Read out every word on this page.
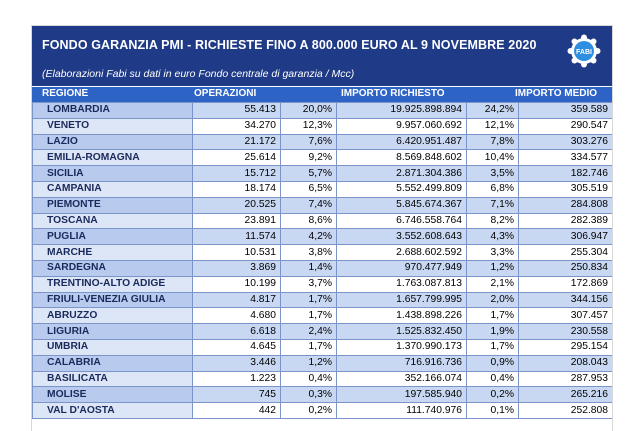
FONDO GARANZIA PMI - RICHIESTE FINO A 800.000 EURO AL 9 NOVEMBRE 2020
(Elaborazioni Fabi su dati in euro Fondo centrale di garanzia / Mcc)
FABI
REGIONE	OPERAZIONI	IMPORTO RICHIESTO	IMPORTO MEDIO
LOMBARDIA	55.413	20,0%	19.925.898.894	24,2%	359.589
VENETO	34.270	12,3%	9.957.060.692	12,1%	290.547
LAZIO	21.172	7,6%	6.420.951.487	7,8%	303.276
EMILIA-ROMAGNA	25.614	9,2%	8.569.848.602	10,4%	334.577
SICILIA	15.712	5,7%	2.871.304.386	3,5%	182.746
CAMPANIA	18.174	6,5%	5.552.499.809	6,8%	305.519
PIEMONTE	20.525	7,4%	5.845.674.367	7,1%	284.808
TOSCANA	23.891	8,6%	6.746.558.764	8,2%	282.389
PUGLIA	11.574	4,2%	3.552.608.643	4,3%	306.947
MARCHE	10.531	3,8%	2.688.602.592	3,3%	255.304
SARDEGNA	3.869	1,4%	970.477.949	1,2%	250.834
TRENTINO-ALTO ADIGE	10.199	3,7%	1.763.087.813	2,1%	172.869
FRIULI-VENEZIA GIULIA	4.817	1,7%	1.657.799.995	2,0%	344.156
ABRUZZO	4.680	1,7%	1.438.898.226	1,7%	307.457
LIGURIA	6.618	2,4%	1.525.832.450	1,9%	230.558
UMBRIA	4.645	1,7%	1.370.990.173	1,7%	295.154
CALABRIA	3.446	1,2%	716.916.736	0,9%	208.043
BASILICATA	1.223	0,4%	352.166.074	0,4%	287.953
MOLISE	745	0,3%	197.585.940	0,2%	265.216
VAL D'AOSTA	442	0,2%	111.740.976	0,1%	252.808
